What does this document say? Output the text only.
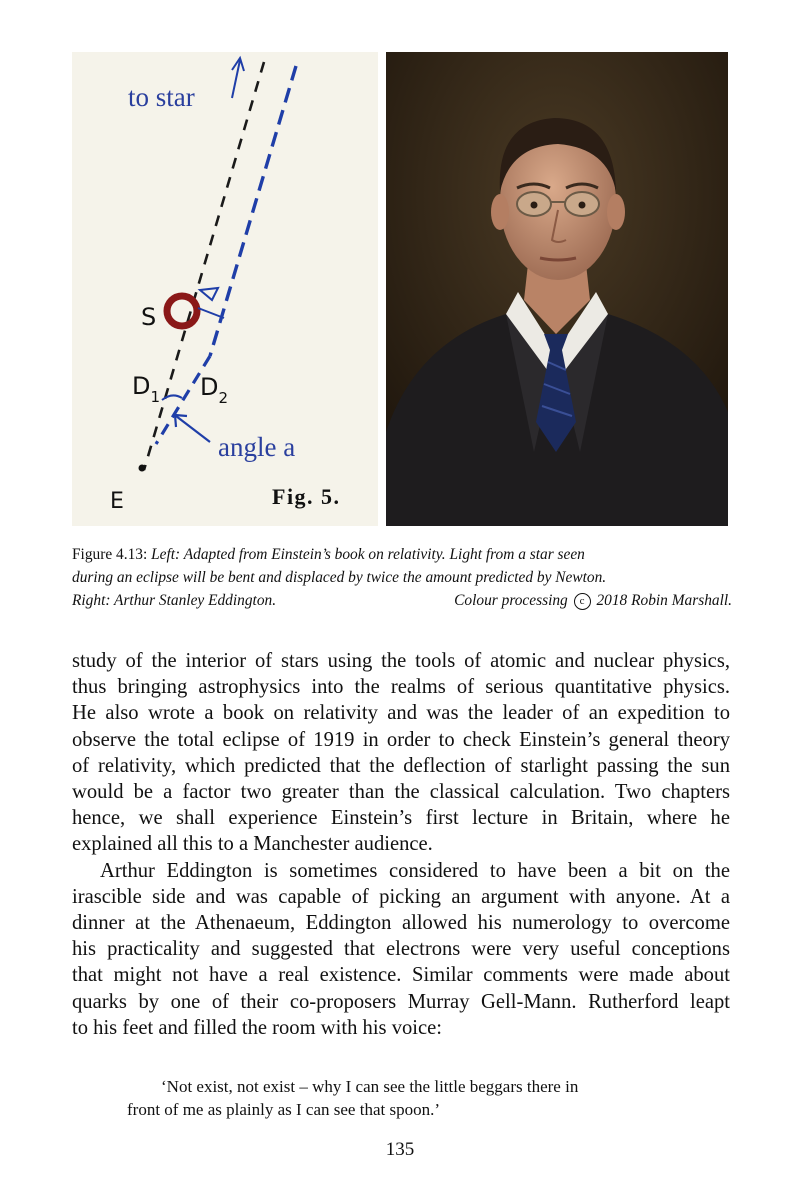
to star
S
$D_1$ $D_2$
angle a
E	Fig. 5.
Figure 4.13: Left: Adapted from Einstein’s book on relativity. Light from a star seen
during an eclipse will be bent and displaced by twice the amount predicted by Newton.
Right: Arthur Stanley Eddington.	Colour processing c 2018 Robin Marshall.
study of the interior of stars using the tools of atomic and nuclear physics,
thus bringing astrophysics into the realms of serious quantitative physics.
He also wrote a book on relativity and was the leader of an expedition to
observe the total eclipse of 1919 in order to check Einstein’s general theory
of relativity, which predicted that the deflection of starlight passing the sun
would be a factor two greater than the classical calculation. Two chapters
hence, we shall experience Einstein’s first lecture in Britain, where he
explained all this to a Manchester audience.
Arthur Eddington is sometimes considered to have been a bit on the
irascible side and was capable of picking an argument with anyone. At a
dinner at the Athenaeum, Eddington allowed his numerology to overcome
his practicality and suggested that electrons were very useful conceptions
that might not have a real existence. Similar comments were made about
quarks by one of their co-proposers Murray Gell-Mann. Rutherford leapt
to his feet and filled the room with his voice:
‘Not exist, not exist – why I can see the little beggars there in
front of me as plainly as I can see that spoon.’
135
